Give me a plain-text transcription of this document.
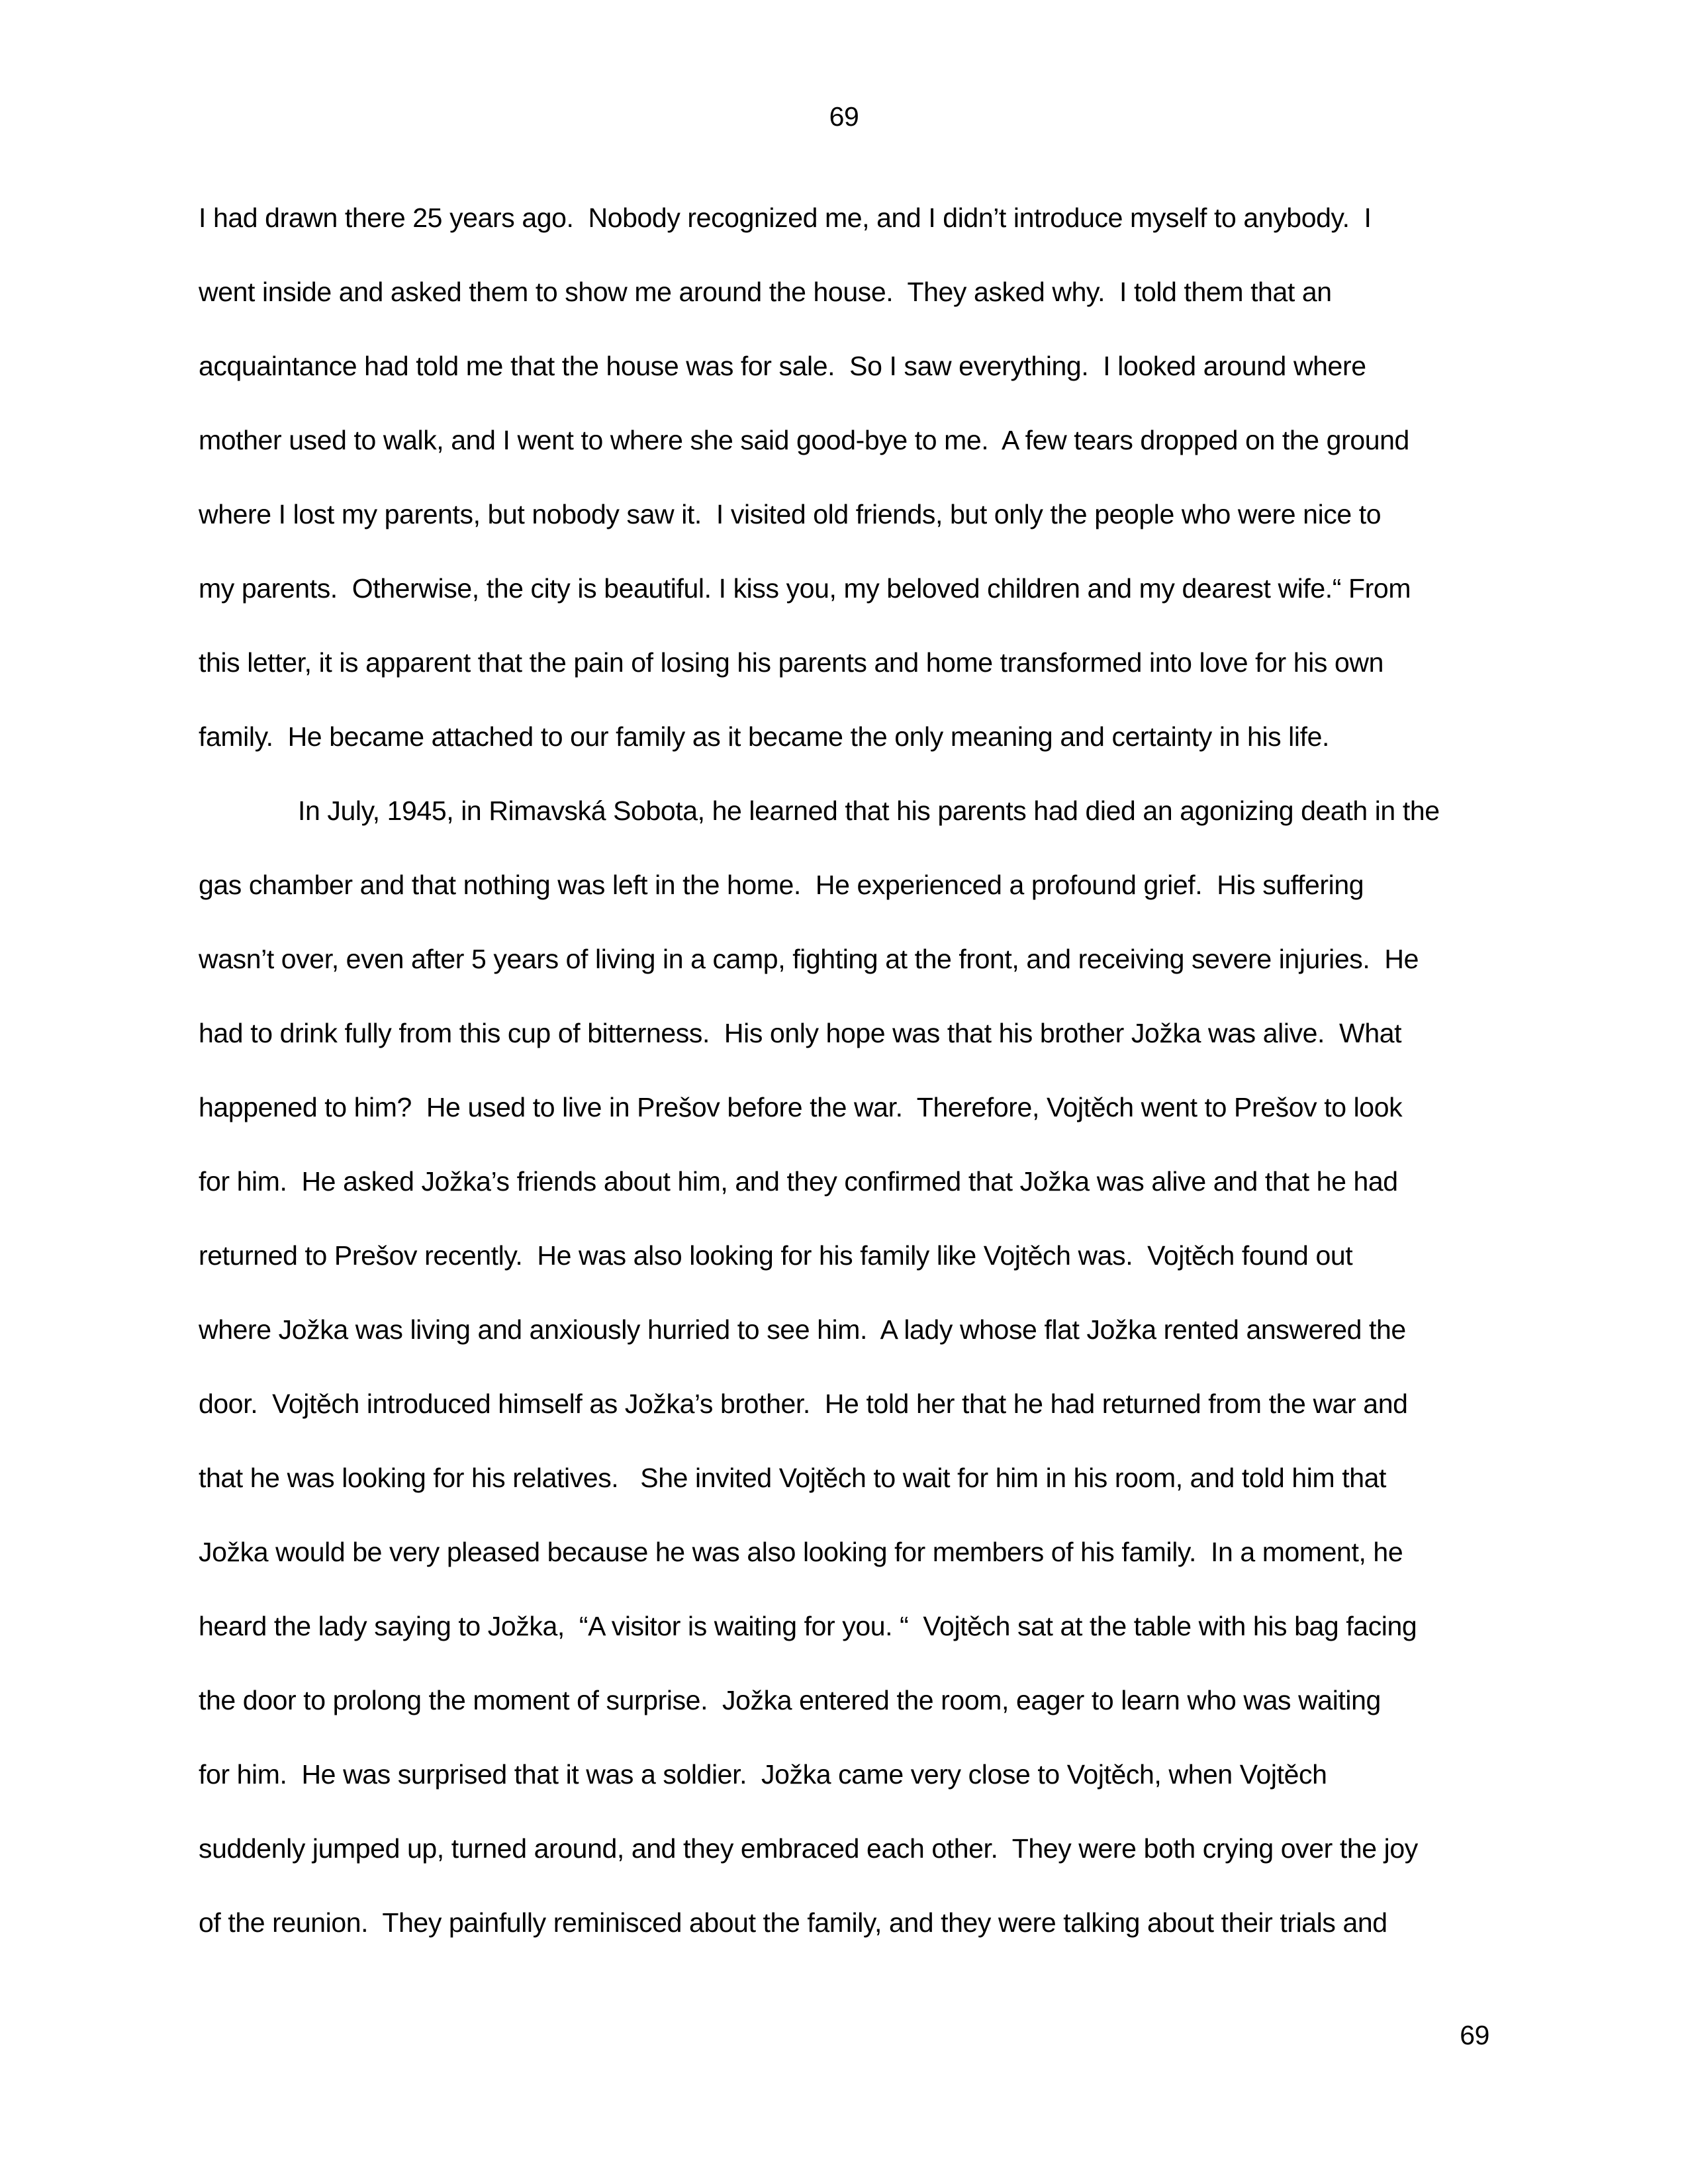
69
I had drawn there 25 years ago.  Nobody recognized me, and I didn’t introduce myself to anybody.  I
went inside and asked them to show me around the house.  They asked why.  I told them that an
acquaintance had told me that the house was for sale.  So I saw everything.  I looked around where
mother used to walk, and I went to where she said good-bye to me.  A few tears dropped on the ground
where I lost my parents, but nobody saw it.  I visited old friends, but only the people who were nice to
my parents.  Otherwise, the city is beautiful. I kiss you, my beloved children and my dearest wife.“ From
this letter, it is apparent that the pain of losing his parents and home transformed into love for his own
family.  He became attached to our family as it became the only meaning and certainty in his life.
In July, 1945, in Rimavská Sobota, he learned that his parents had died an agonizing death in the
gas chamber and that nothing was left in the home.  He experienced a profound grief.  His suffering
wasn’t over, even after 5 years of living in a camp, fighting at the front, and receiving severe injuries.  He
had to drink fully from this cup of bitterness.  His only hope was that his brother Jožka was alive.  What
happened to him?  He used to live in Prešov before the war.  Therefore, Vojtěch went to Prešov to look
for him.  He asked Jožka’s friends about him, and they confirmed that Jožka was alive and that he had
returned to Prešov recently.  He was also looking for his family like Vojtěch was.  Vojtěch found out
where Jožka was living and anxiously hurried to see him.  A lady whose flat Jožka rented answered the
door.  Vojtěch introduced himself as Jožka’s brother.  He told her that he had returned from the war and
that he was looking for his relatives.   She invited Vojtěch to wait for him in his room, and told him that
Jožka would be very pleased because he was also looking for members of his family.  In a moment, he
heard the lady saying to Jožka,  “A visitor is waiting for you. “  Vojtěch sat at the table with his bag facing
the door to prolong the moment of surprise.  Jožka entered the room, eager to learn who was waiting
for him.  He was surprised that it was a soldier.  Jožka came very close to Vojtěch, when Vojtěch
suddenly jumped up, turned around, and they embraced each other.  They were both crying over the joy
of the reunion.  They painfully reminisced about the family, and they were talking about their trials and
69
